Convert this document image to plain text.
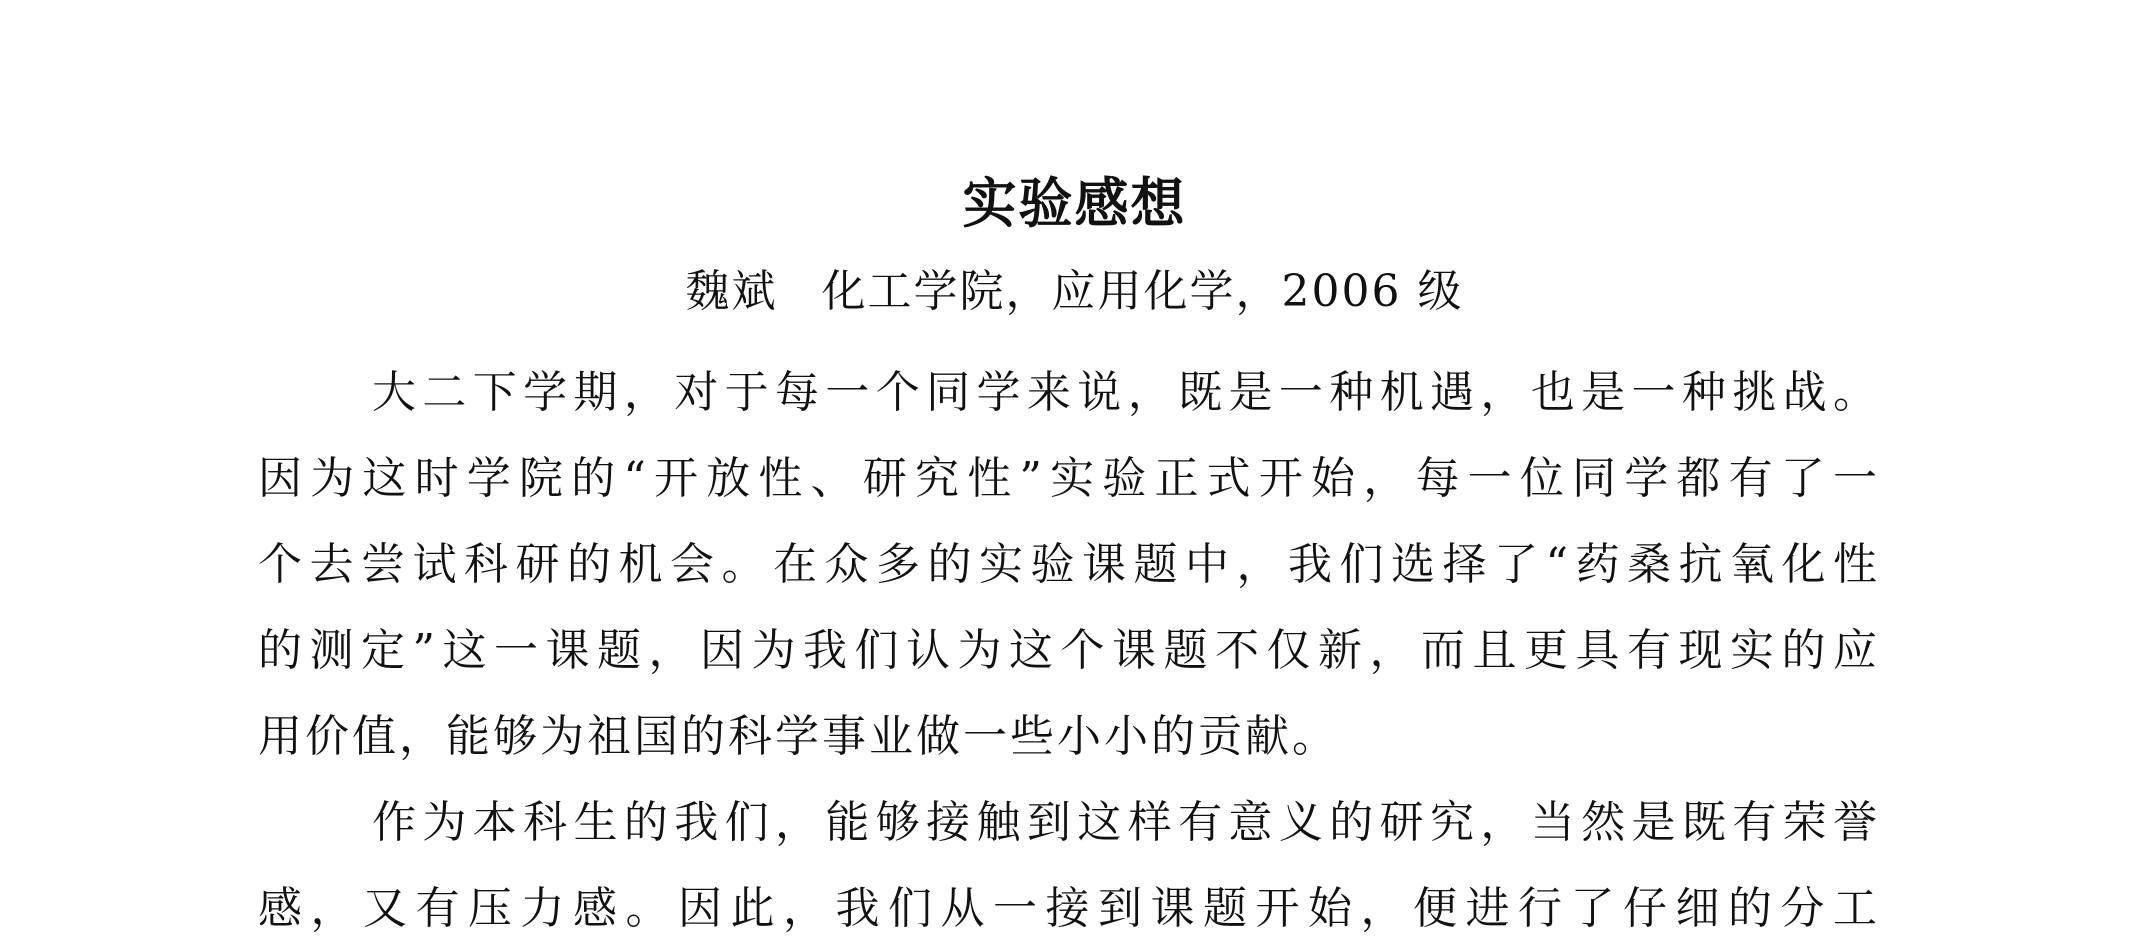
实验感想
魏斌 化工学院，应用化学，2006 级
大二下学期，对于每一个同学来说，既是一种机遇，也是一种挑战。
因为这时学院的“开放性、研究性”实验正式开始，每一位同学都有了一
个去尝试科研的机会。在众多的实验课题中，我们选择了“药桑抗氧化性
的测定”这一课题，因为我们认为这个课题不仅新，而且更具有现实的应
用价值，能够为祖国的科学事业做一些小小的贡献。
作为本科生的我们，能够接触到这样有意义的研究，当然是既有荣誉
感，又有压力感。因此，我们从一接到课题开始，便进行了仔细的分工
